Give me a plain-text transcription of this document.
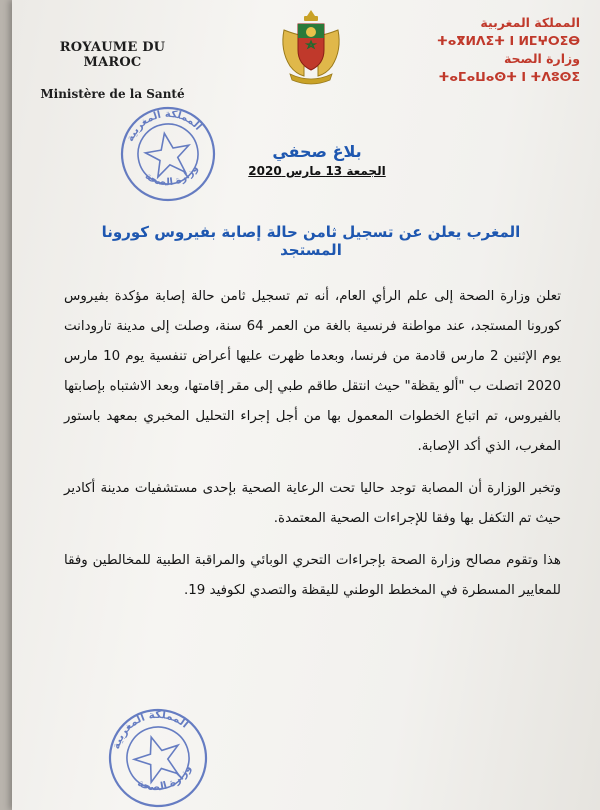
ROYAUME DU MAROC
Ministère de la Santé
المملكة المغربية
ⵜⴰⴳⵍⴷⵉⵜ ⵏ ⵍⵎⵖⵔⵉⴱ
وزارة الصحة
ⵜⴰⵎⴰⵡⴰⵙⵜ ⵏ ⵜⴷⵓⵙⵉ
المملكة المغربية
وزارة الصحة
بلاغ صحفي
الجمعة 13 مارس 2020
المغرب يعلن عن تسجيل ثامن حالة إصابة بفيروس كورونا المستجد

تعلن وزارة الصحة إلى علم الرأي العام، أنه تم تسجيل ثامن حالة إصابة مؤكدة بفيروس كورونا المستجد، عند مواطنة فرنسية بالغة من العمر 64 سنة، وصلت إلى مدينة تارودانت يوم الإثنين 2 مارس قادمة من فرنسا، وبعدما ظهرت عليها أعراض تنفسية يوم 10 مارس 2020 اتصلت ب "ألو يقظة" حيث انتقل طاقم طبي إلى مقر إقامتها، وبعد الاشتباه بإصابتها بالفيروس، تم اتباع الخطوات المعمول بها من أجل إجراء التحليل المخبري بمعهد باستور المغرب، الذي أكد الإصابة.

وتخبر الوزارة أن المصابة توجد حاليا تحت الرعاية الصحية بإحدى مستشفيات مدينة أكادير حيث تم التكفل بها وفقا للإجراءات الصحية المعتمدة.

هذا وتقوم مصالح وزارة الصحة بإجراءات التحري الوبائي والمراقبة الطبية للمخالطين وفقا للمعايير المسطرة في المخطط الوطني لليقظة والتصدي لكوفيد 19.

المملكة المغربية
وزارة الصحة
